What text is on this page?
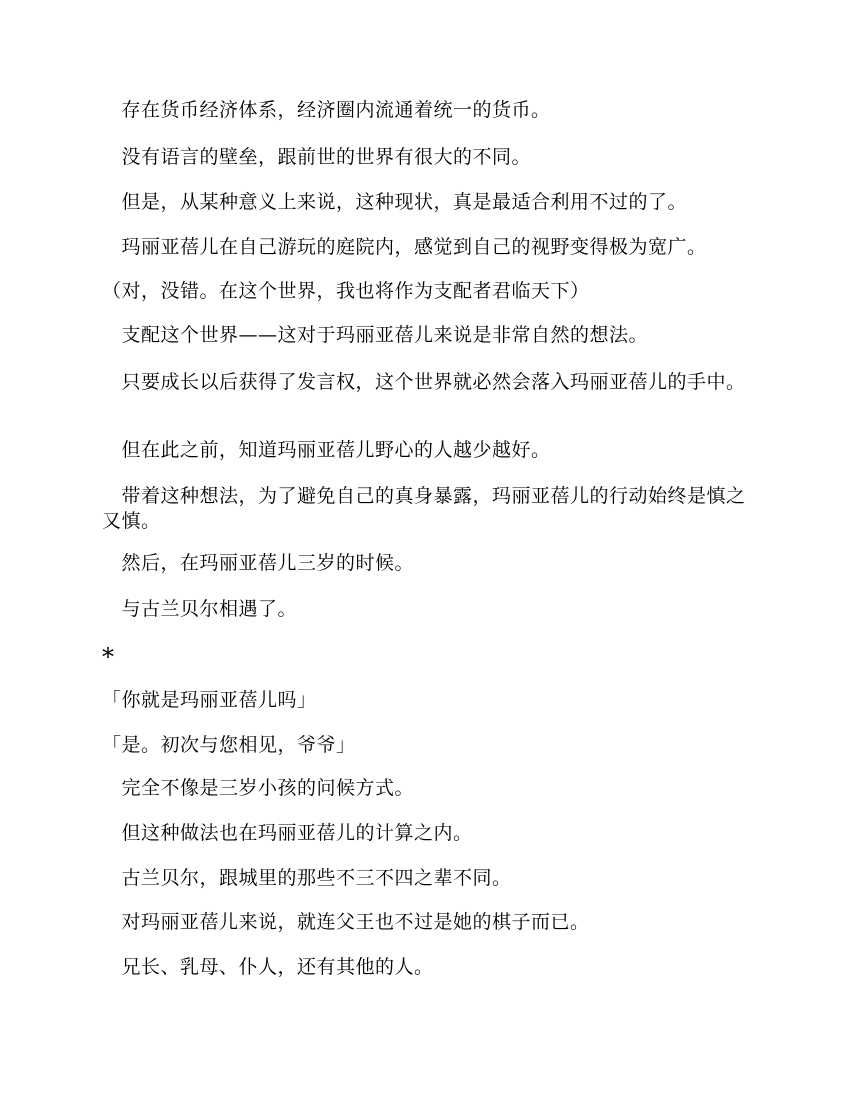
　存在货币经济体系，经济圈内流通着统一的货币。

　没有语言的壁垒，跟前世的世界有很大的不同。

　但是，从某种意义上来说，这种现状，真是最适合利用不过的了。

　玛丽亚蓓儿在自己游玩的庭院内，感觉到自己的视野变得极为宽广。

（对，没错。在这个世界，我也将作为支配者君临天下）

　支配这个世界——这对于玛丽亚蓓儿来说是非常自然的想法。

　只要成长以后获得了发言权，这个世界就必然会落入玛丽亚蓓儿的手中。

　但在此之前，知道玛丽亚蓓儿野心的人越少越好。

　带着这种想法，为了避免自己的真身暴露，玛丽亚蓓儿的行动始终是慎之又慎。

　然后，在玛丽亚蓓儿三岁的时候。

　与古兰贝尔相遇了。

*

「你就是玛丽亚蓓儿吗」

「是。初次与您相见，爷爷」

　完全不像是三岁小孩的问候方式。

　但这种做法也在玛丽亚蓓儿的计算之内。

　古兰贝尔，跟城里的那些不三不四之辈不同。

　对玛丽亚蓓儿来说，就连父王也不过是她的棋子而已。

　兄长、乳母、仆人，还有其他的人。
